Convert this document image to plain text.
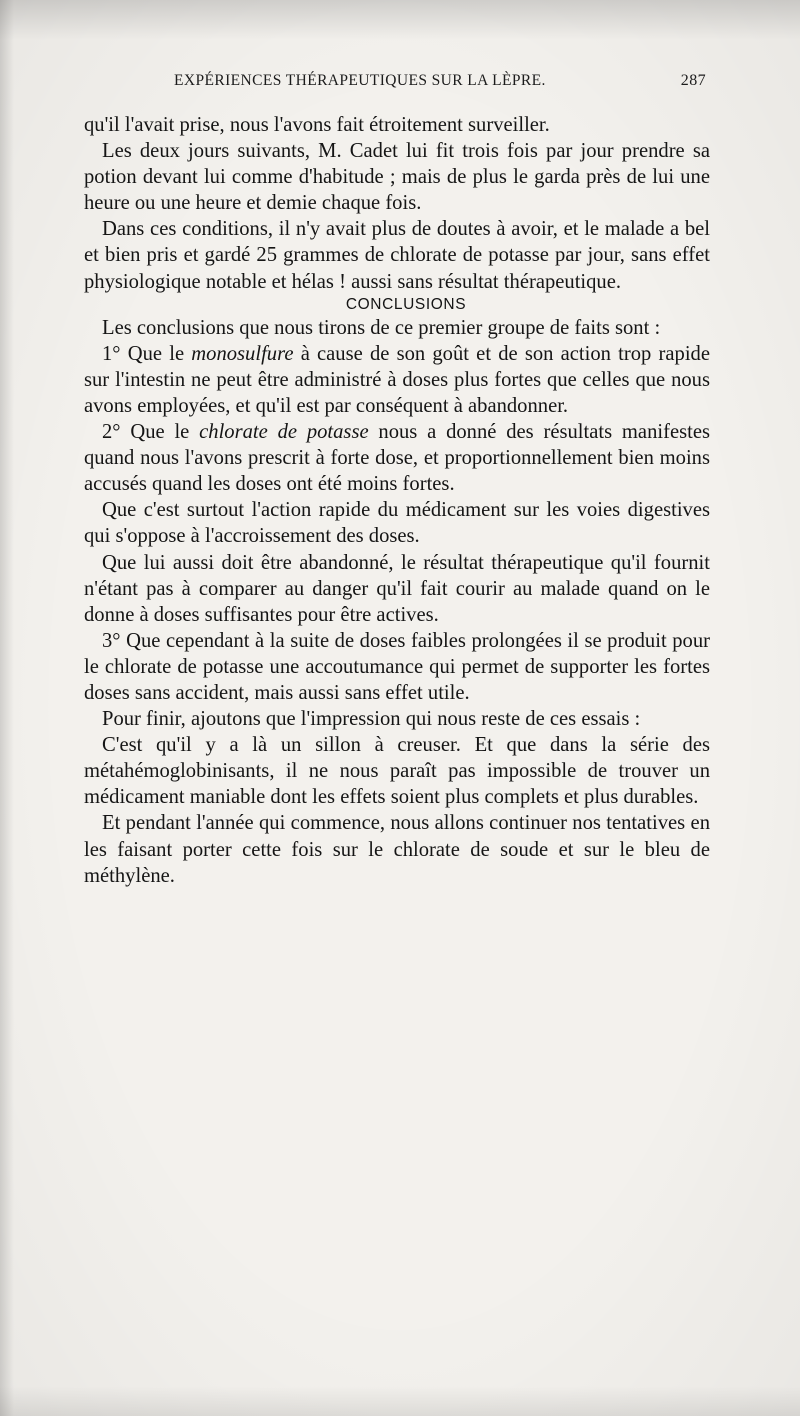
EXPÉRIENCES THÉRAPEUTIQUES SUR LA LÈPRE.	287

qu'il l'avait prise, nous l'avons fait étroitement surveiller.

Les deux jours suivants, M. Cadet lui fit trois fois par jour prendre sa potion devant lui comme d'habitude ; mais de plus le garda près de lui une heure ou une heure et demie chaque fois.

Dans ces conditions, il n'y avait plus de doutes à avoir, et le malade a bel et bien pris et gardé 25 grammes de chlorate de potasse par jour, sans effet physiologique notable et hélas ! aussi sans résultat thérapeutique.

CONCLUSIONS

Les conclusions que nous tirons de ce premier groupe de faits sont :

1° Que le monosulfure à cause de son goût et de son action trop rapide sur l'intestin ne peut être administré à doses plus fortes que celles que nous avons employées, et qu'il est par conséquent à abandonner.

2° Que le chlorate de potasse nous a donné des résultats manifestes quand nous l'avons prescrit à forte dose, et proportionnellement bien moins accusés quand les doses ont été moins fortes.

Que c'est surtout l'action rapide du médicament sur les voies digestives qui s'oppose à l'accroissement des doses.

Que lui aussi doit être abandonné, le résultat thérapeutique qu'il fournit n'étant pas à comparer au danger qu'il fait courir au malade quand on le donne à doses suffisantes pour être actives.

3° Que cependant à la suite de doses faibles prolongées il se produit pour le chlorate de potasse une accoutumance qui permet de supporter les fortes doses sans accident, mais aussi sans effet utile.

Pour finir, ajoutons que l'impression qui nous reste de ces essais :

C'est qu'il y a là un sillon à creuser. Et que dans la série des métahémoglobinisants, il ne nous paraît pas impossible de trouver un médicament maniable dont les effets soient plus complets et plus durables.

Et pendant l'année qui commence, nous allons continuer nos tentatives en les faisant porter cette fois sur le chlorate de soude et sur le bleu de méthylène.
